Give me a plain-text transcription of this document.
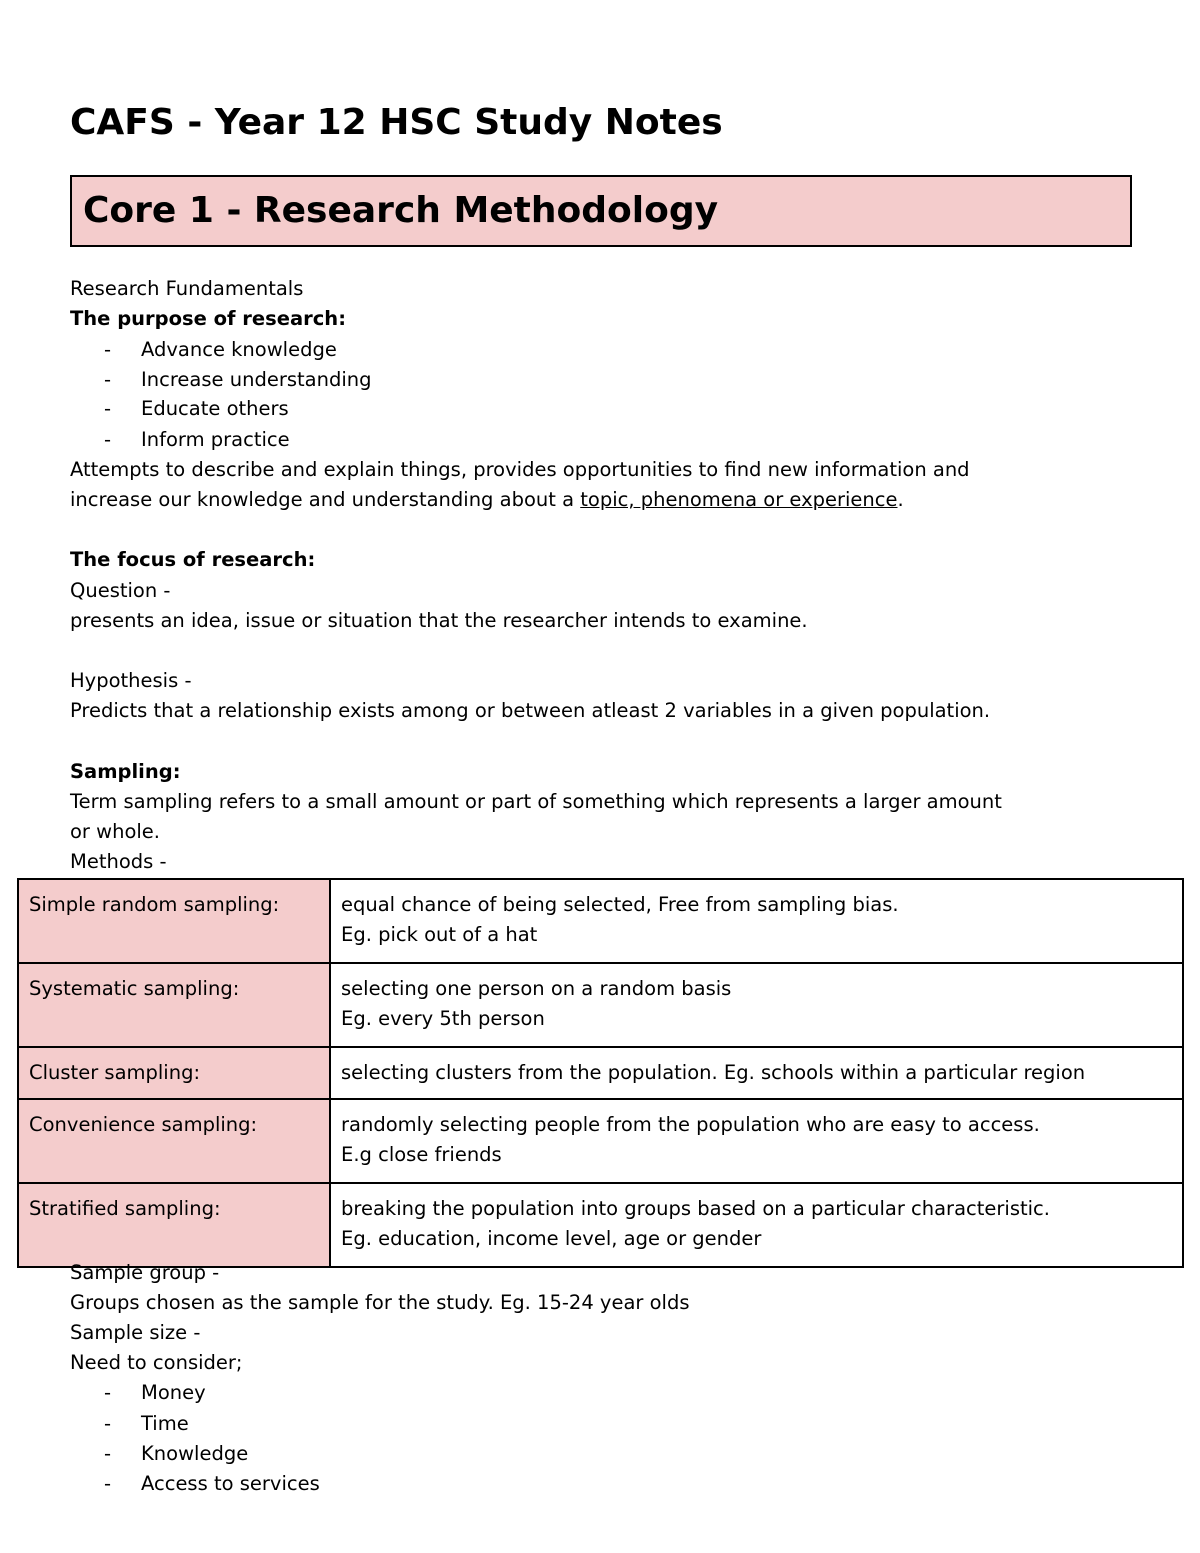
CAFS - Year 12 HSC Study Notes
Core 1 - Research Methodology
Research Fundamentals
The purpose of research:
- Advance knowledge
- Increase understanding
- Educate others
- Inform practice
Attempts to describe and explain things, provides opportunities to find new information and
increase our knowledge and understanding about a topic, phenomena or experience.
The focus of research:
Question -
presents an idea, issue or situation that the researcher intends to examine.
Hypothesis -
Predicts that a relationship exists among or between atleast 2 variables in a given population.
Sampling:
Term sampling refers to a small amount or part of something which represents a larger amount
or whole.
Methods -
Simple random sampling:	equal chance of being selected, Free from sampling bias.
Eg. pick out of a hat

Systematic sampling:	selecting one person on a random basis
Eg. every 5th person

Cluster sampling:	selecting clusters from the population. Eg. schools within a particular region

Convenience sampling:	randomly selecting people from the population who are easy to access.
E.g close friends

Stratified sampling:	breaking the population into groups based on a particular characteristic.
Eg. education, income level, age or gender
Sample group -
Groups chosen as the sample for the study. Eg. 15-24 year olds
Sample size -
Need to consider;
- Money
- Time
- Knowledge
- Access to services
